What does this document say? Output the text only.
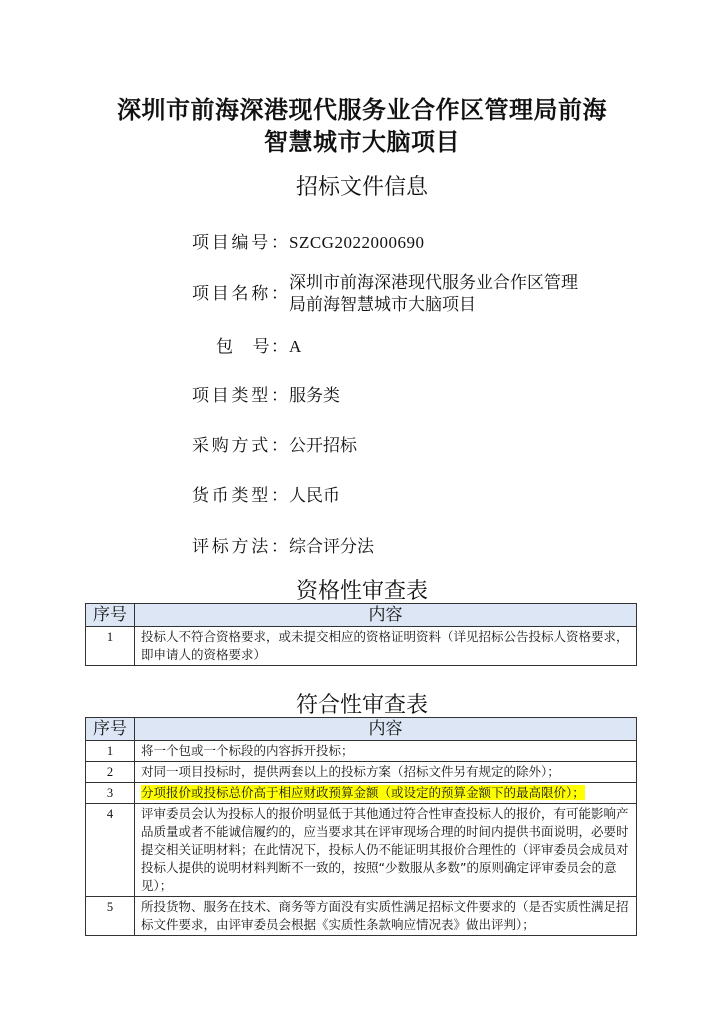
深圳市前海深港现代服务业合作区管理局前海
智慧城市大脑项目
招标文件信息
项目编号： SZCG2022000690
项目名称：
深圳市前海深港现代服务业合作区管理
局前海智慧城市大脑项目
包　号： A
项目类型： 服务类
采购方式： 公开招标
货币类型： 人民币
评标方法： 综合评分法
资格性审查表
序号	内容
1	投标人不符合资格要求，或未提交相应的资格证明资料（详见招标公告投标人资格要求，即申请人的资格要求）
符合性审查表
序号	内容
1	将一个包或一个标段的内容拆开投标；
2	对同一项目投标时，提供两套以上的投标方案（招标文件另有规定的除外）；
3	分项报价或投标总价高于相应财政预算金额（或设定的预算金额下的最高限价）；
4	评审委员会认为投标人的报价明显低于其他通过符合性审查投标人的报价，有可能影响产品质量或者不能诚信履约的，应当要求其在评审现场合理的时间内提供书面说明，必要时提交相关证明材料；在此情况下，投标人仍不能证明其报价合理性的（评审委员会成员对投标人提供的说明材料判断不一致的，按照“少数服从多数”的原则确定评审委员会的意见）；
5	所投货物、服务在技术、商务等方面没有实质性满足招标文件要求的（是否实质性满足招标文件要求，由评审委员会根据《实质性条款响应情况表》做出评判）；
